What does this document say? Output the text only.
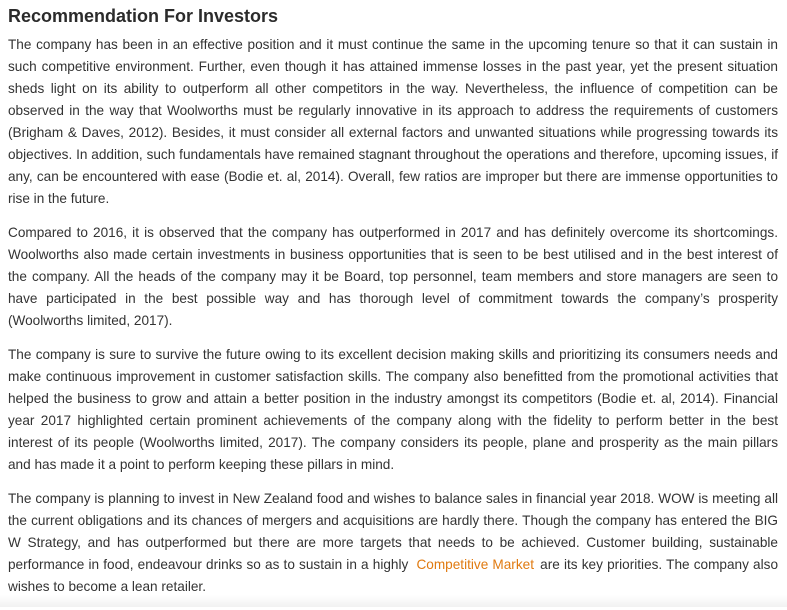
Recommendation For Investors

The company has been in an effective position and it must continue the same in the upcoming tenure so that it can sustain in such competitive environment. Further, even though it has attained immense losses in the past year, yet the present situation sheds light on its ability to outperform all other competitors in the way. Nevertheless, the influence of competition can be observed in the way that Woolworths must be regularly innovative in its approach to address the requirements of customers (Brigham & Daves, 2012). Besides, it must consider all external factors and unwanted situations while progressing towards its objectives. In addition, such fundamentals have remained stagnant throughout the operations and therefore, upcoming issues, if any, can be encountered with ease (Bodie et. al, 2014). Overall, few ratios are improper but there are immense opportunities to rise in the future.

Compared to 2016, it is observed that the company has outperformed in 2017 and has definitely overcome its shortcomings. Woolworths also made certain investments in business opportunities that is seen to be best utilised and in the best interest of the company. All the heads of the company may it be Board, top personnel, team members and store managers are seen to have participated in the best possible way and has thorough level of commitment towards the company’s prosperity (Woolworths limited, 2017).

The company is sure to survive the future owing to its excellent decision making skills and prioritizing its consumers needs and make continuous improvement in customer satisfaction skills. The company also benefitted from the promotional activities that helped the business to grow and attain a better position in the industry amongst its competitors (Bodie et. al, 2014). Financial year 2017 highlighted certain prominent achievements of the company along with the fidelity to perform better in the best interest of its people (Woolworths limited, 2017). The company considers its people, plane and prosperity as the main pillars and has made it a point to perform keeping these pillars in mind.

The company is planning to invest in New Zealand food and wishes to balance sales in financial year 2018. WOW is meeting all the current obligations and its chances of mergers and acquisitions are hardly there. Though the company has entered the BIG W Strategy, and has outperformed but there are more targets that needs to be achieved. Customer building, sustainable performance in food, endeavour drinks so as to sustain in a highly Competitive Market are its key priorities. The company also wishes to become a lean retailer.
